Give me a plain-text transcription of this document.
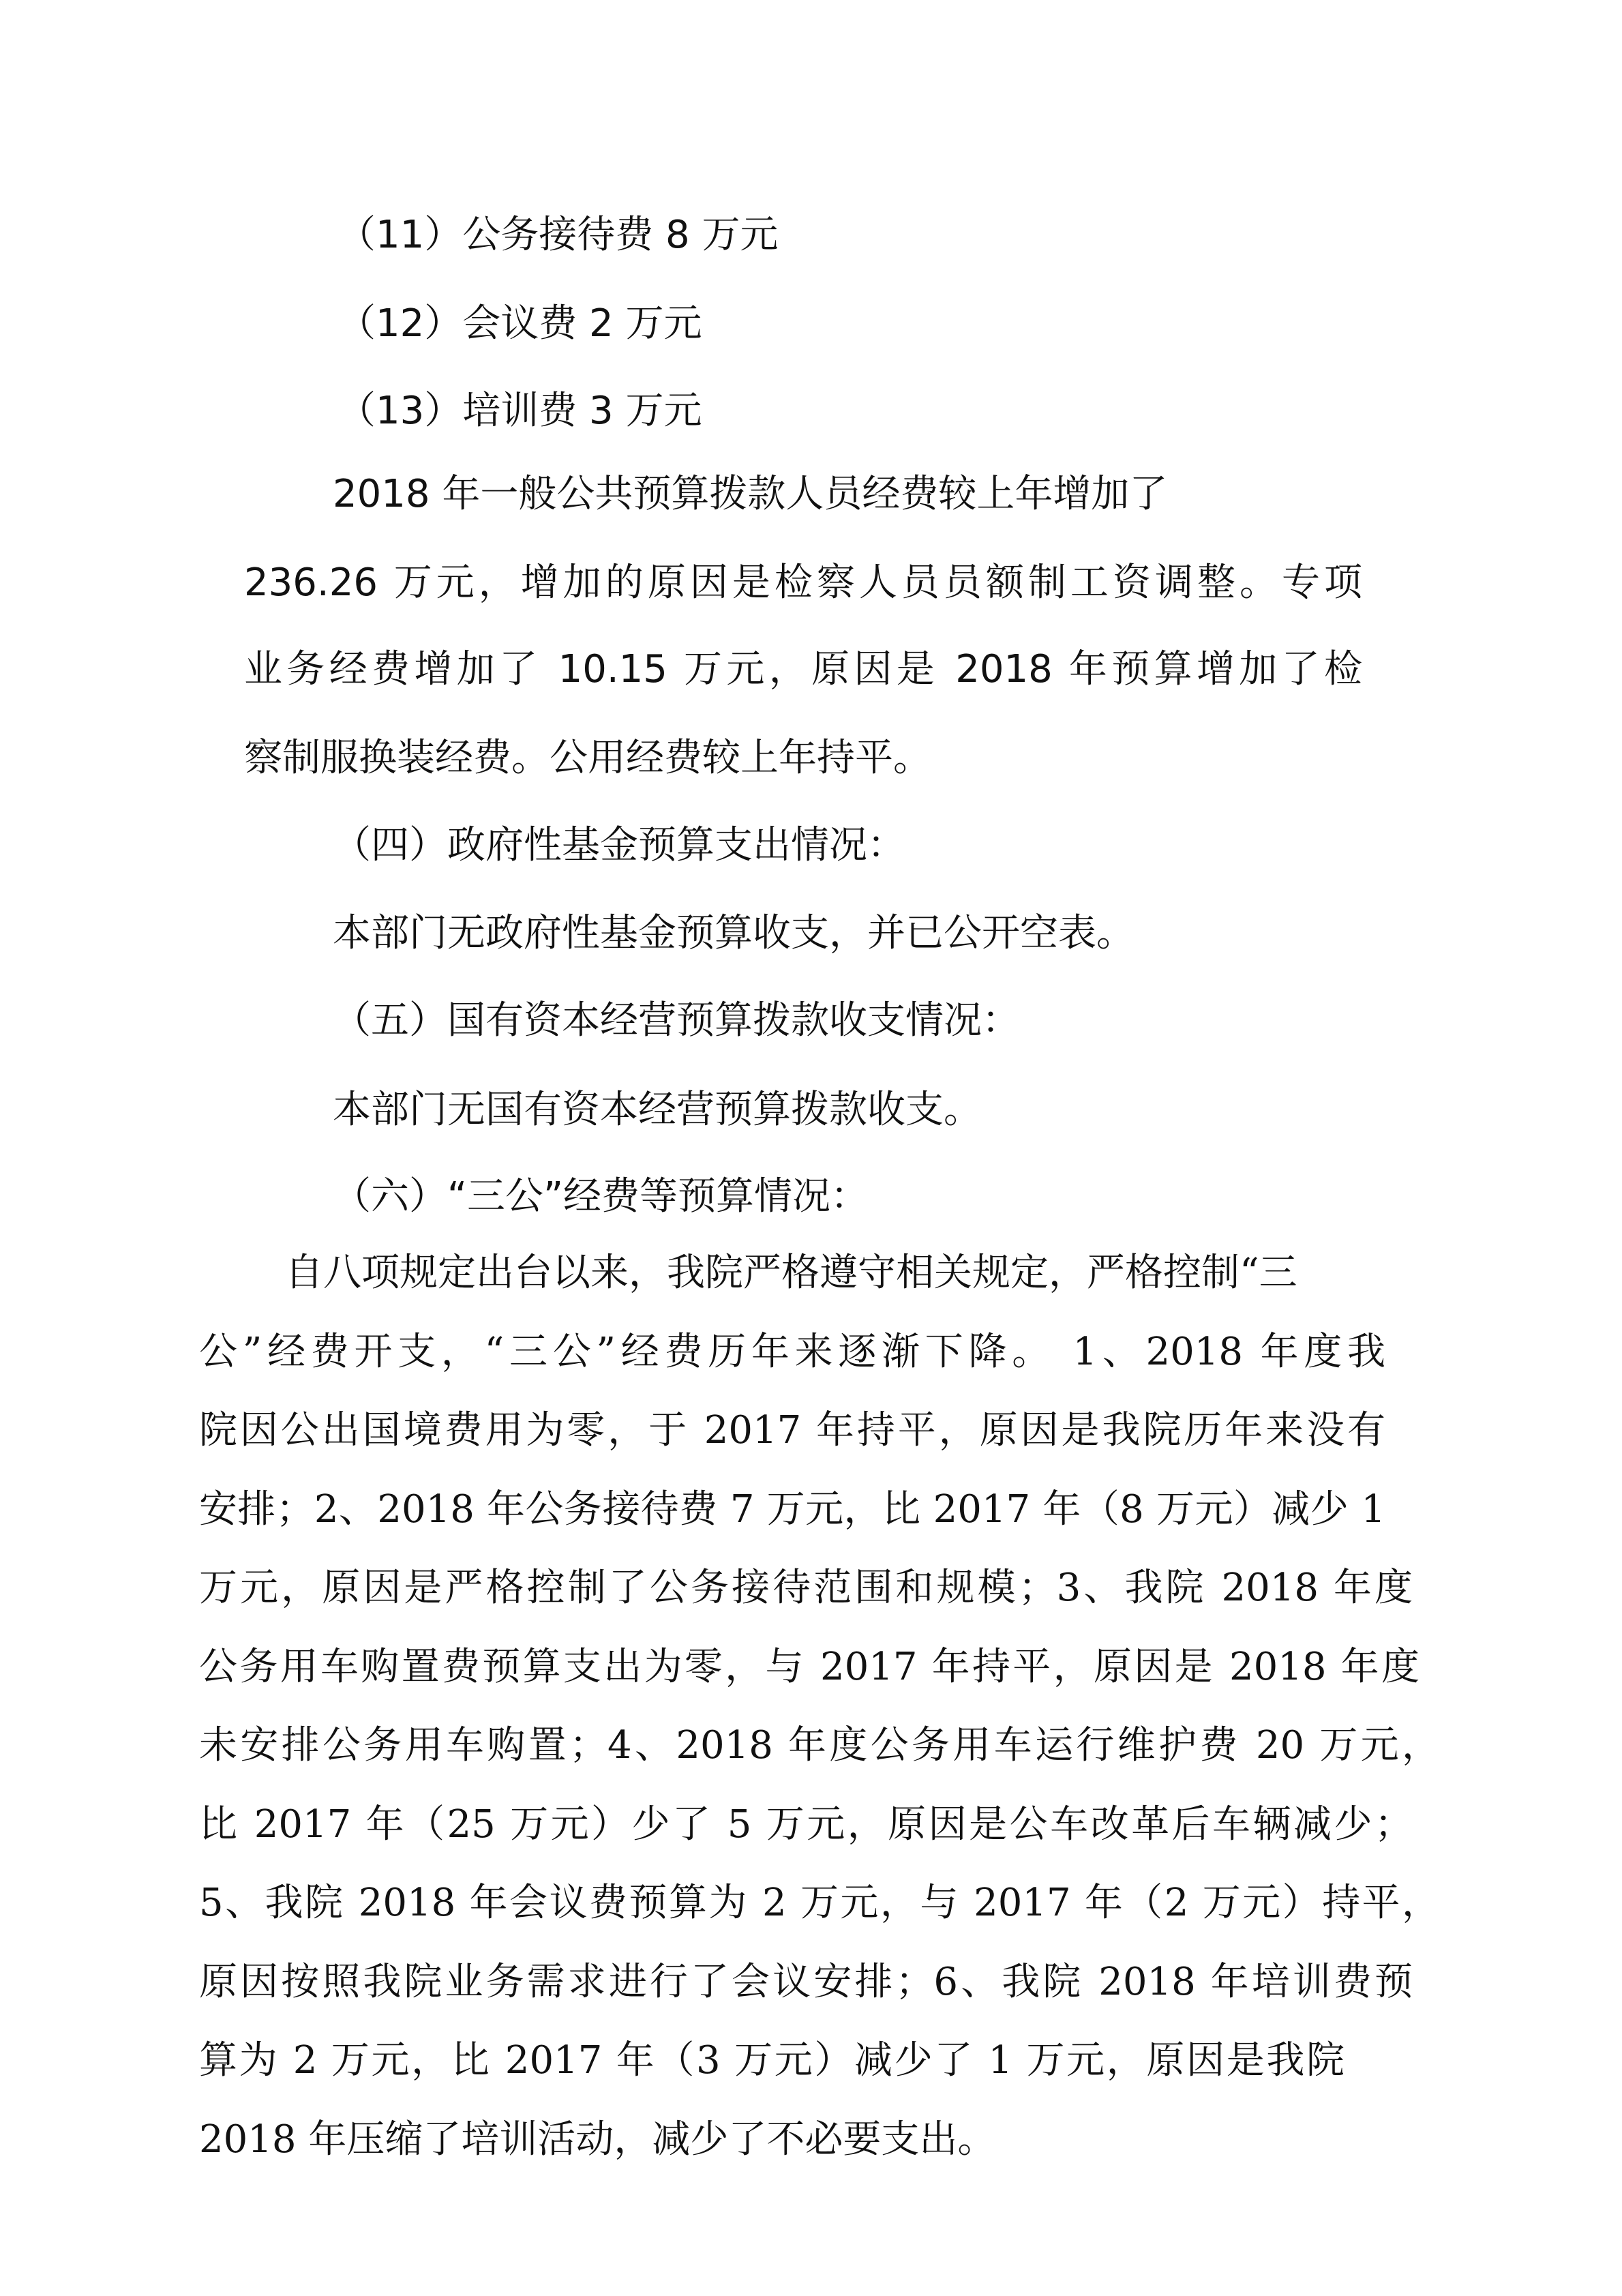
（11）公务接待费 8 万元

（12）会议费 2 万元

（13）培训费 3 万元

2018 年一般公共预算拨款人员经费较上年增加了

236.26 万元，增加的原因是检察人员员额制工资调整。专项

业务经费增加了 10.15 万元，原因是 2018 年预算增加了检

察制服换装经费。公用经费较上年持平。

（四）政府性基金预算支出情况：

本部门无政府性基金预算收支，并已公开空表。

（五）国有资本经营预算拨款收支情况：

本部门无国有资本经营预算拨款收支。

（六）“三公”经费等预算情况：

自八项规定出台以来，我院严格遵守相关规定，严格控制“三

公”经费开支，“三公”经费历年来逐渐下降。 1、2018 年度我

院因公出国境费用为零，于 2017 年持平，原因是我院历年来没有

安排；2、2018 年公务接待费 7 万元，比 2017 年（8 万元）减少 1

万元，原因是严格控制了公务接待范围和规模；3、我院 2018 年度

公务用车购置费预算支出为零，与 2017 年持平，原因是 2018 年度

未安排公务用车购置；4、2018 年度公务用车运行维护费 20 万元，

比 2017 年（25 万元）少了 5 万元，原因是公车改革后车辆减少；

5、我院 2018 年会议费预算为 2 万元，与 2017 年（2 万元）持平，

原因按照我院业务需求进行了会议安排；6、我院 2018 年培训费预

算为 2 万元，比 2017 年（3 万元）减少了 1 万元，原因是我院

2018 年压缩了培训活动，减少了不必要支出。
